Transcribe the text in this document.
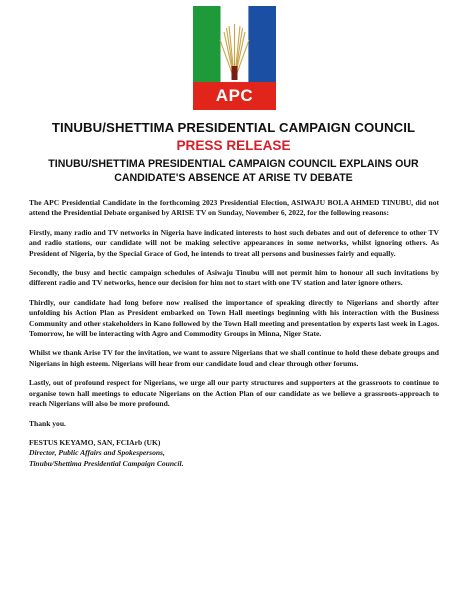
APC
TINUBU/SHETTIMA PRESIDENTIAL CAMPAIGN COUNCIL
PRESS RELEASE
TINUBU/SHETTIMA PRESIDENTIAL CAMPAIGN COUNCIL EXPLAINS OUR CANDIDATE'S ABSENCE AT ARISE TV DEBATE

The APC Presidential Candidate in the forthcoming 2023 Presidential Election, ASIWAJU BOLA AHMED TINUBU, did not attend the Presidential Debate organised by ARISE TV on Sunday, November 6, 2022, for the following reasons:

Firstly, many radio and TV networks in Nigeria have indicated interests to host such debates and out of deference to other TV and radio stations, our candidate will not be making selective appearances in some networks, whilst ignoring others. As President of Nigeria, by the Special Grace of God, he intends to treat all persons and businesses fairly and equally.

Secondly, the busy and hectic campaign schedules of Asiwaju Tinubu will not permit him to honour all such invitations by different radio and TV networks, hence our decision for him not to start with one TV station and later ignore others.

Thirdly, our candidate had long before now realised the importance of speaking directly to Nigerians and shortly after unfolding his Action Plan as President embarked on Town Hall meetings beginning with his interaction with the Business Community and other stakeholders in Kano followed by the Town Hall meeting and presentation by experts last week in Lagos. Tomorrow, he will be interacting with Agro and Commodity Groups in Minna, Niger State.

Whilst we thank Arise TV for the invitation, we want to assure Nigerians that we shall continue to hold these debate groups and Nigerians in high esteem. Nigerians will hear from our candidate loud and clear through other forums.

Lastly, out of profound respect for Nigerians, we urge all our party structures and supporters at the grassroots to continue to organise town hall meetings to educate Nigerians on the Action Plan of our candidate as we believe a grassroots-approach to reach Nigerians will also be more profound.

Thank you.

FESTUS KEYAMO, SAN, FCIArb (UK)
Director, Public Affairs and Spokespersons,
Tinubu/Shettima Presidential Campaign Council.
